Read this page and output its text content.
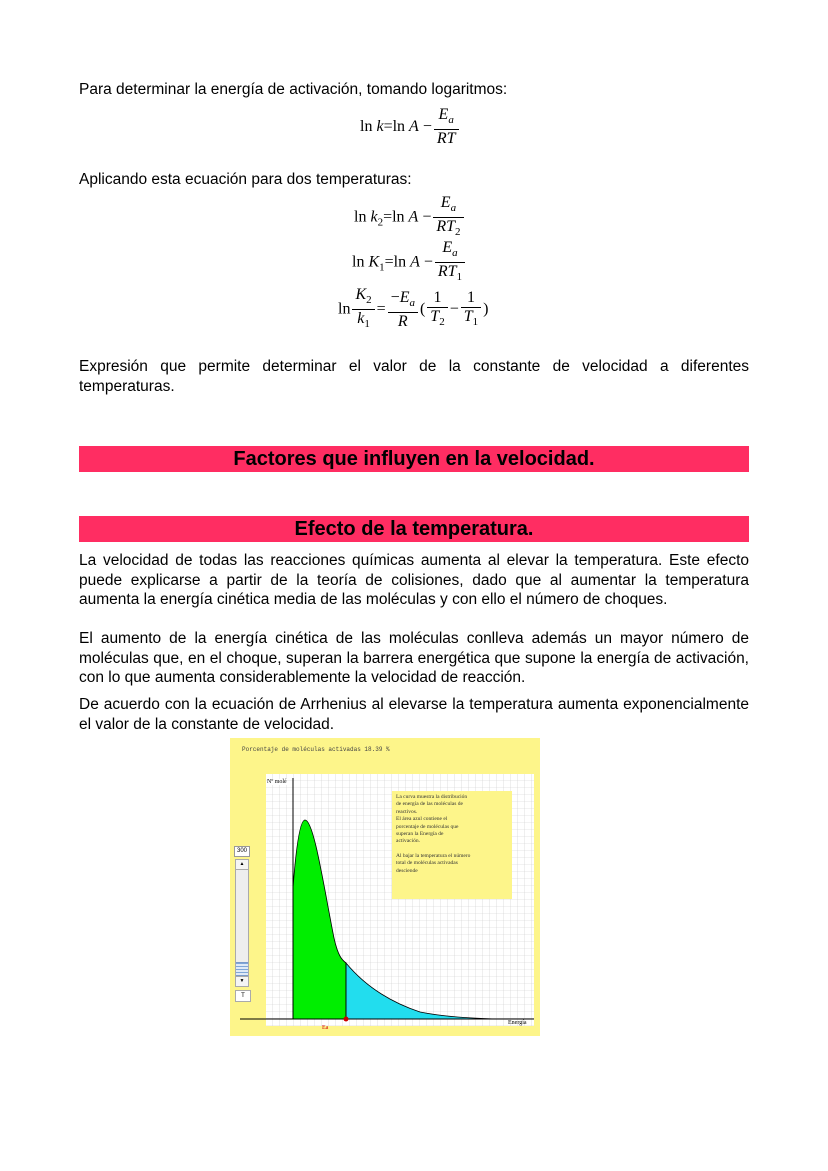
Para determinar la energía de activación, tomando logaritmos:

ln k=ln $A - \frac{E_a}{RT}$

Aplicando esta ecuación para dos temperaturas:

$\ln k_2=\ln$ $A - \frac{E_a}{RT_2}$
$\ln K_1=\ln$ $A - \frac{E_a}{RT_1}$
$\ln \frac{K_2}{k_1} = \frac{-E_a}{R}$ ( $\frac{1}{T_2} - \frac{1}{T_1}$ )

Expresión que permite determinar el valor de la constante de velocidad a diferentes temperaturas.

Factores que influyen en la velocidad.
Efecto de la temperatura.

La velocidad de todas las reacciones químicas aumenta al elevar la temperatura. Este efecto puede explicarse a partir de la teoría de colisiones, dado que al aumentar la temperatura aumenta la energía cinética media de las moléculas y con ello el número de choques.

El aumento de la energía cinética de las moléculas conlleva además un mayor número de moléculas que, en el choque, superan la barrera energética que supone la energía de activación, con lo que aumenta considerablemente la velocidad de reacción.

De acuerdo con la ecuación de Arrhenius al elevarse la temperatura aumenta exponencialmente el valor de la constante de velocidad.

Porcentaje de moléculas activadas 18.39 %
Nº molé
Energía
Ea
La curva muestra la distribución
de energía de las moléculas de
reactivos.
El área azul contiene el
porcentaje de moléculas que
superan la Energía de
activación.
Al bajar la temperatura el número
total de moléculas activadas
desciende
300
▲
▼
T
